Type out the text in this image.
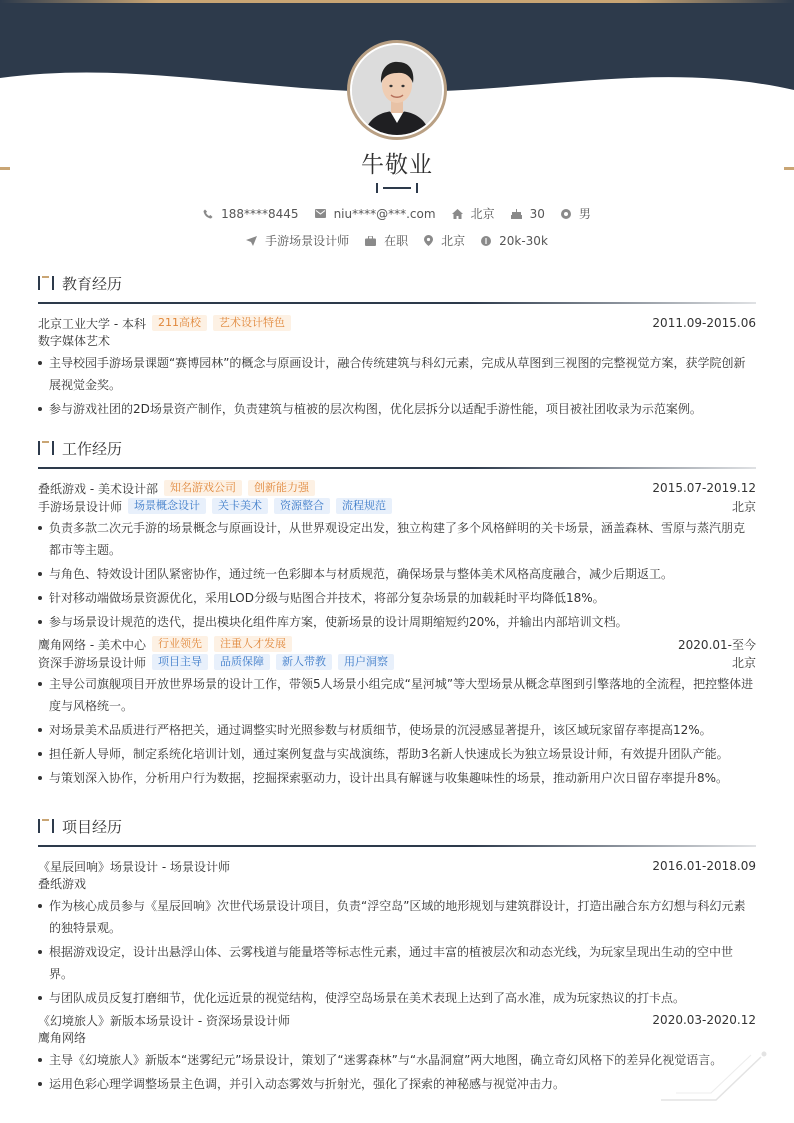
牛敬业
188****8445	niu****@***.com	北京	30	男
手游场景设计师	在职	北京	20k-30k
教育经历
北京工业大学 - 本科	211高校	艺术设计特色	2011.09-2015.06
数字媒体艺术
主导校园手游场景课题“赛博园林”的概念与原画设计，融合传统建筑与科幻元素，完成从草图到三视图的完整视觉方案，获学院创新展视觉金奖。
参与游戏社团的2D场景资产制作，负责建筑与植被的层次构图，优化层拆分以适配手游性能，项目被社团收录为示范案例。
工作经历
叠纸游戏 - 美术设计部	知名游戏公司	创新能力强	2015.07-2019.12
手游场景设计师	场景概念设计	关卡美术	资源整合	流程规范	北京
负责多款二次元手游的场景概念与原画设计，从世界观设定出发，独立构建了多个风格鲜明的关卡场景，涵盖森林、雪原与蒸汽朋克都市等主题。
与角色、特效设计团队紧密协作，通过统一色彩脚本与材质规范，确保场景与整体美术风格高度融合，减少后期返工。
针对移动端做场景资源优化，采用LOD分级与贴图合并技术，将部分复杂场景的加载耗时平均降低18%。
参与场景设计规范的迭代，提出模块化组件库方案，使新场景的设计周期缩短约20%，并输出内部培训文档。
鹰角网络 - 美术中心	行业领先	注重人才发展	2020.01-至今
资深手游场景设计师	项目主导	品质保障	新人带教	用户洞察	北京
主导公司旗舰项目开放世界场景的设计工作，带领5人场景小组完成“星河城”等大型场景从概念草图到引擎落地的全流程，把控整体进度与风格统一。
对场景美术品质进行严格把关，通过调整实时光照参数与材质细节，使场景的沉浸感显著提升，该区域玩家留存率提高12%。
担任新人导师，制定系统化培训计划，通过案例复盘与实战演练，帮助3名新人快速成长为独立场景设计师，有效提升团队产能。
与策划深入协作，分析用户行为数据，挖掘探索驱动力，设计出具有解谜与收集趣味性的场景，推动新用户次日留存率提升8%。
项目经历
《星辰回响》场景设计 - 场景设计师	2016.01-2018.09
叠纸游戏
作为核心成员参与《星辰回响》次世代场景设计项目，负责“浮空岛”区域的地形规划与建筑群设计，打造出融合东方幻想与科幻元素的独特景观。
根据游戏设定，设计出悬浮山体、云雾栈道与能量塔等标志性元素，通过丰富的植被层次和动态光线，为玩家呈现出生动的空中世界。
与团队成员反复打磨细节，优化远近景的视觉结构，使浮空岛场景在美术表现上达到了高水准，成为玩家热议的打卡点。
《幻境旅人》新版本场景设计 - 资深场景设计师	2020.03-2020.12
鹰角网络
主导《幻境旅人》新版本“迷雾纪元”场景设计，策划了“迷雾森林”与“水晶洞窟”两大地图，确立奇幻风格下的差异化视觉语言。
运用色彩心理学调整场景主色调，并引入动态雾效与折射光，强化了探索的神秘感与视觉冲击力。
